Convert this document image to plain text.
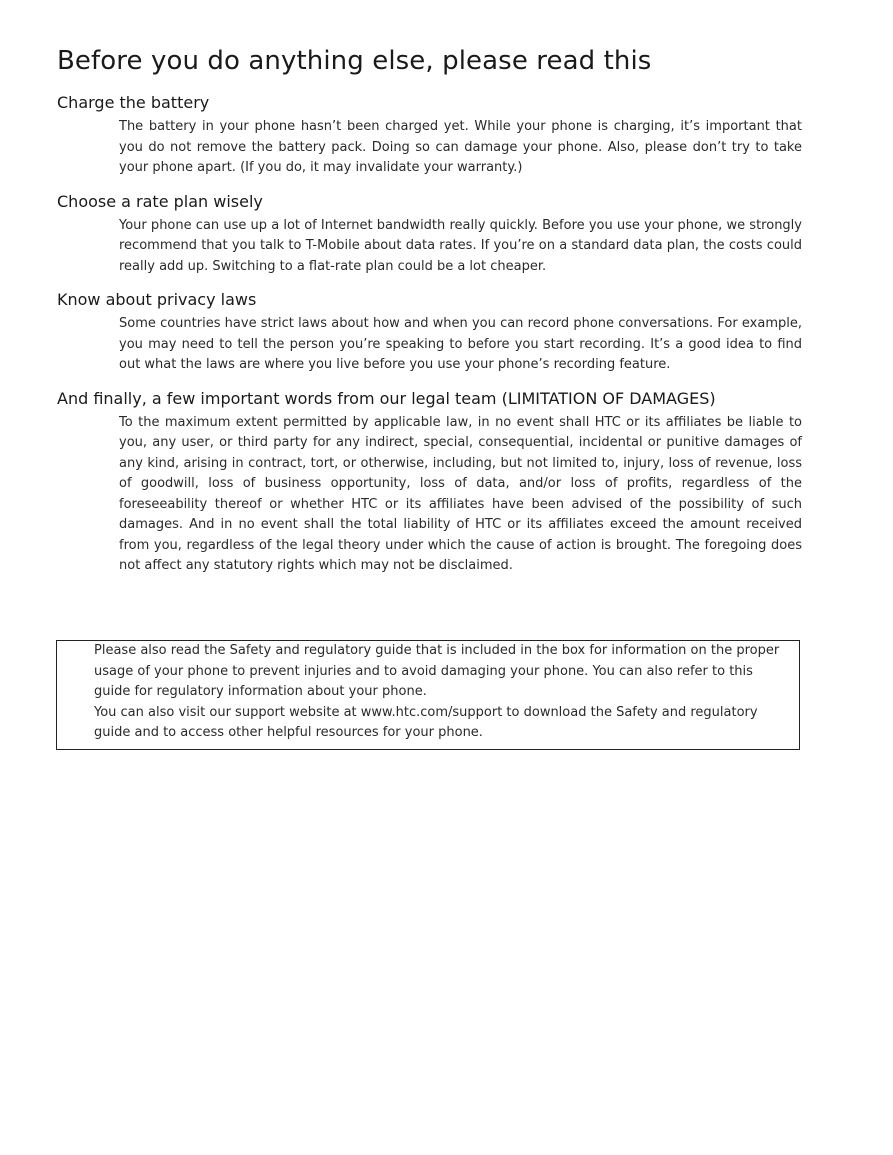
Before you do anything else, please read this
Charge the battery

The battery in your phone hasn’t been charged yet. While your phone is charging, it’s important that you do not remove the battery pack. Doing so can damage your phone. Also, please don’t try to take your phone apart. (If you do, it may invalidate your warranty.)

Choose a rate plan wisely

Your phone can use up a lot of Internet bandwidth really quickly. Before you use your phone, we strongly recommend that you talk to T-Mobile about data rates. If you’re on a standard data plan, the costs could really add up. Switching to a flat-rate plan could be a lot cheaper.

Know about privacy laws

Some countries have strict laws about how and when you can record phone conversations. For example, you may need to tell the person you’re speaking to before you start recording. It’s a good idea to find out what the laws are where you live before you use your phone’s recording feature.

And finally, a few important words from our legal team (LIMITATION OF DAMAGES)

To the maximum extent permitted by applicable law, in no event shall HTC or its affiliates be liable to you, any user, or third party for any indirect, special, consequential, incidental or punitive damages of any kind, arising in contract, tort, or otherwise, including, but not limited to, injury, loss of revenue, loss of goodwill, loss of business opportunity, loss of data, and/or loss of profits, regardless of the foreseeability thereof or whether HTC or its affiliates have been advised of the possibility of such damages. And in no event shall the total liability of HTC or its affiliates exceed the amount received from you, regardless of the legal theory under which the cause of action is brought. The foregoing does not affect any statutory rights which may not be disclaimed.

Please also read the Safety and regulatory guide that is included in the box for information on the proper usage of your phone to prevent injuries and to avoid damaging your phone. You can also refer to this guide for regulatory information about your phone.

You can also visit our support website at www.htc.com/support to download the Safety and regulatory guide and to access other helpful resources for your phone.
